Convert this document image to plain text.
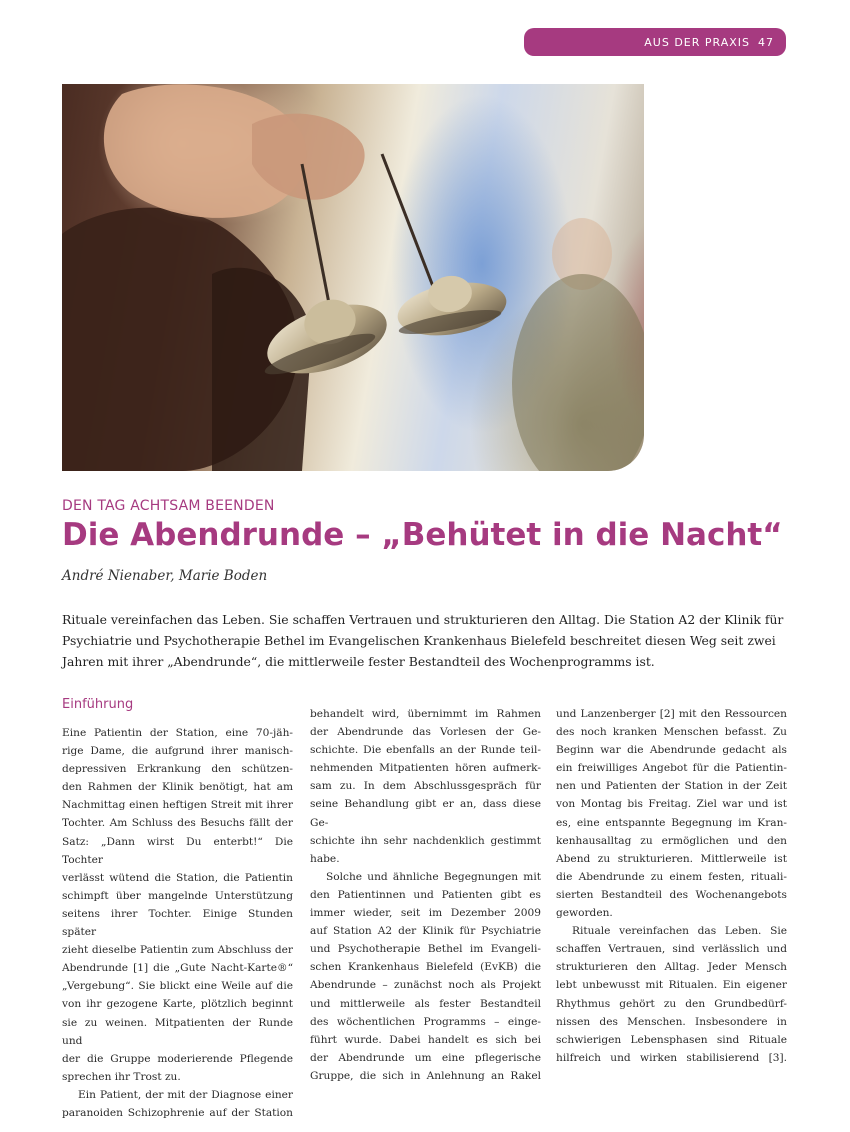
AUS DER PRAXIS 47
DEN TAG ACHTSAM BEENDEN
Die Abendrunde – „Behütet in die Nacht“
André Nienaber, Marie Boden

Rituale vereinfachen das Leben. Sie schaffen Vertrauen und strukturieren den Alltag. Die Station A2 der Klinik für
Psychiatrie und Psychotherapie Bethel im Evangelischen Krankenhaus Bielefeld beschreitet diesen Weg seit zwei
Jahren mit ihrer „Abendrunde“, die mittlerweile fester Bestandteil des Wochenprogramms ist.

Einführung
Eine Patientin der Station, eine 70-jäh-
rige Dame, die aufgrund ihrer manisch-
depressiven Erkrankung den schützen-
den Rahmen der Klinik benötigt, hat am
Nachmittag einen heftigen Streit mit ihrer
Tochter. Am Schluss des Besuchs fällt der
Satz: „Dann wirst Du enterbt!“ Die Tochter
verlässt wütend die Station, die Patientin
schimpft über mangelnde Unterstützung
seitens ihrer Tochter. Einige Stunden später
zieht dieselbe Patientin zum Abschluss der
Abendrunde [1] die „Gute Nacht-Karte®“
„Vergebung“. Sie blickt eine Weile auf die
von ihr gezogene Karte, plötzlich beginnt
sie zu weinen. Mitpatienten der Runde und
der die Gruppe moderierende Pflegende
sprechen ihr Trost zu.
Ein Patient, der mit der Diagnose einer
paranoiden Schizophrenie auf der Station
behandelt wird, übernimmt im Rahmen
der Abendrunde das Vorlesen der Ge-
schichte. Die ebenfalls an der Runde teil-
nehmenden Mitpatienten hören aufmerk-
sam zu. In dem Abschlussgespräch für
seine Behandlung gibt er an, dass diese Ge-
schichte ihn sehr nachdenklich gestimmt
habe.
Solche und ähnliche Begegnungen mit
den Patientinnen und Patienten gibt es
immer wieder, seit im Dezember 2009
auf Station A2 der Klinik für Psychiatrie
und Psychotherapie Bethel im Evangeli-
schen Krankenhaus Bielefeld (EvKB) die
Abendrunde – zunächst noch als Projekt
und mittlerweile als fester Bestandteil
des wöchentlichen Programms – einge-
führt wurde. Dabei handelt es sich bei
der Abendrunde um eine pflegerische
Gruppe, die sich in Anlehnung an Rakel
und Lanzenberger [2] mit den Ressourcen
des noch kranken Menschen befasst. Zu
Beginn war die Abendrunde gedacht als
ein freiwilliges Angebot für die Patientin-
nen und Patienten der Station in der Zeit
von Montag bis Freitag. Ziel war und ist
es, eine entspannte Begegnung im Kran-
kenhausalltag zu ermöglichen und den
Abend zu strukturieren. Mittlerweile ist
die Abendrunde zu einem festen, rituali-
sierten Bestandteil des Wochenangebots
geworden.
Rituale vereinfachen das Leben. Sie
schaffen Vertrauen, sind verlässlich und
strukturieren den Alltag. Jeder Mensch
lebt unbewusst mit Ritualen. Ein eigener
Rhythmus gehört zu den Grundbedürf-
nissen des Menschen. Insbesondere in
schwierigen Lebensphasen sind Rituale
hilfreich und wirken stabilisierend [3].
